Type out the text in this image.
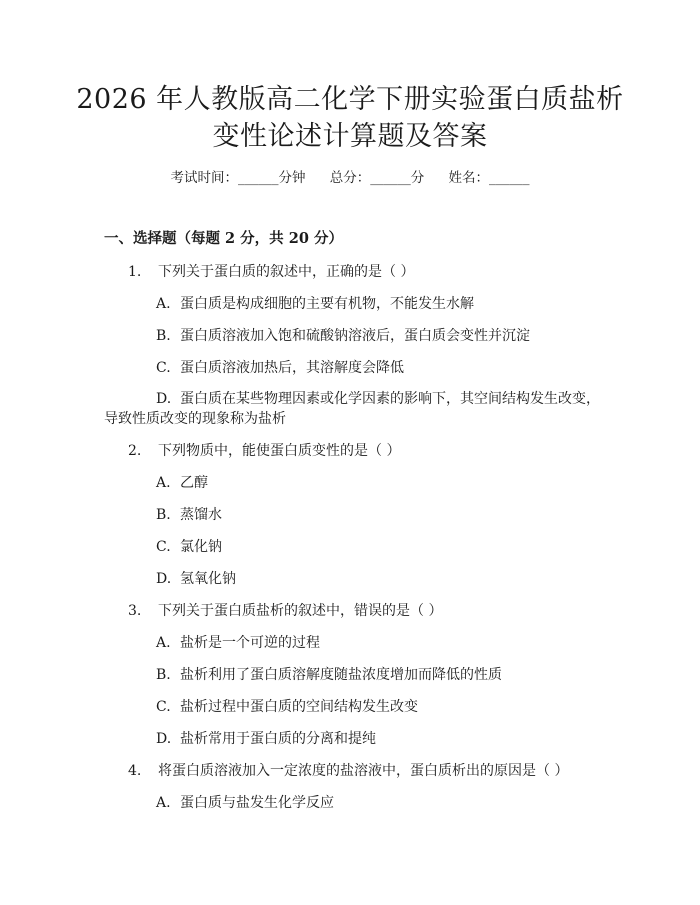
2026 年人教版高二化学下册实验蛋白质盐析
变性论述计算题及答案
考试时间：______分钟 总分：______分 姓名：______
一、选择题（每题 2 分，共 20 分）
1. 下列关于蛋白质的叙述中，正确的是（ ）
A. 蛋白质是构成细胞的主要有机物，不能发生水解
B. 蛋白质溶液加入饱和硫酸钠溶液后，蛋白质会变性并沉淀
C. 蛋白质溶液加热后，其溶解度会降低
D. 蛋白质在某些物理因素或化学因素的影响下，其空间结构发生改变，
导致性质改变的现象称为盐析
2. 下列物质中，能使蛋白质变性的是（ ）
A. 乙醇
B. 蒸馏水
C. 氯化钠
D. 氢氧化钠
3. 下列关于蛋白质盐析的叙述中，错误的是（ ）
A. 盐析是一个可逆的过程
B. 盐析利用了蛋白质溶解度随盐浓度增加而降低的性质
C. 盐析过程中蛋白质的空间结构发生改变
D. 盐析常用于蛋白质的分离和提纯
4. 将蛋白质溶液加入一定浓度的盐溶液中，蛋白质析出的原因是（ ）
A. 蛋白质与盐发生化学反应
